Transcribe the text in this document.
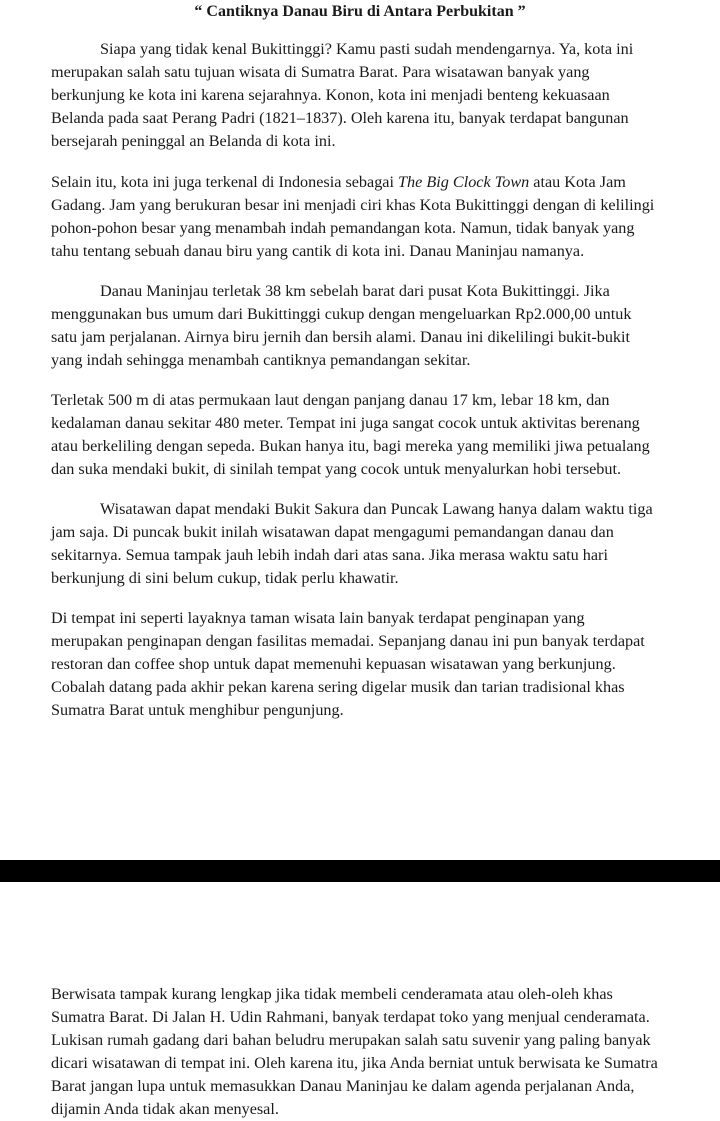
“ Cantiknya Danau Biru di Antara Perbukitan ”

Siapa yang tidak kenal Bukittinggi? Kamu pasti sudah mendengarnya. Ya, kota ini
merupakan salah satu tujuan wisata di Sumatra Barat. Para wisatawan banyak yang
berkunjung ke kota ini karena sejarahnya. Konon, kota ini menjadi benteng kekuasaan
Belanda pada saat Perang Padri (1821–1837). Oleh karena itu, banyak terdapat bangunan
bersejarah peninggal an Belanda di kota ini.

Selain itu, kota ini juga terkenal di Indonesia sebagai The Big Clock Town atau Kota Jam
Gadang. Jam yang berukuran besar ini menjadi ciri khas Kota Bukittinggi dengan di kelilingi
pohon-pohon besar yang menambah indah pemandangan kota. Namun, tidak banyak yang
tahu tentang sebuah danau biru yang cantik di kota ini. Danau Maninjau namanya.

Danau Maninjau terletak 38 km sebelah barat dari pusat Kota Bukittinggi. Jika
menggunakan bus umum dari Bukittinggi cukup dengan mengeluarkan Rp2.000,00 untuk
satu jam perjalanan. Airnya biru jernih dan bersih alami. Danau ini dikelilingi bukit-bukit
yang indah sehingga menambah cantiknya pemandangan sekitar.

Terletak 500 m di atas permukaan laut dengan panjang danau 17 km, lebar 18 km, dan
kedalaman danau sekitar 480 meter. Tempat ini juga sangat cocok untuk aktivitas berenang
atau berkeliling dengan sepeda. Bukan hanya itu, bagi mereka yang memiliki jiwa petualang
dan suka mendaki bukit, di sinilah tempat yang cocok untuk menyalurkan hobi tersebut.

Wisatawan dapat mendaki Bukit Sakura dan Puncak Lawang hanya dalam waktu tiga
jam saja. Di puncak bukit inilah wisatawan dapat mengagumi pemandangan danau dan
sekitarnya. Semua tampak jauh lebih indah dari atas sana. Jika merasa waktu satu hari
berkunjung di sini belum cukup, tidak perlu khawatir.

Di tempat ini seperti layaknya taman wisata lain banyak terdapat penginapan yang
merupakan penginapan dengan fasilitas memadai. Sepanjang danau ini pun banyak terdapat
restoran dan coffee shop untuk dapat memenuhi kepuasan wisatawan yang berkunjung.
Cobalah datang pada akhir pekan karena sering digelar musik dan tarian tradisional khas
Sumatra Barat untuk menghibur pengunjung.

Berwisata tampak kurang lengkap jika tidak membeli cenderamata atau oleh-oleh khas
Sumatra Barat. Di Jalan H. Udin Rahmani, banyak terdapat toko yang menjual cenderamata.
Lukisan rumah gadang dari bahan beludru merupakan salah satu suvenir yang paling banyak
dicari wisatawan di tempat ini. Oleh karena itu, jika Anda berniat untuk berwisata ke Sumatra
Barat jangan lupa untuk memasukkan Danau Maninjau ke dalam agenda perjalanan Anda,
dijamin Anda tidak akan menyesal.
